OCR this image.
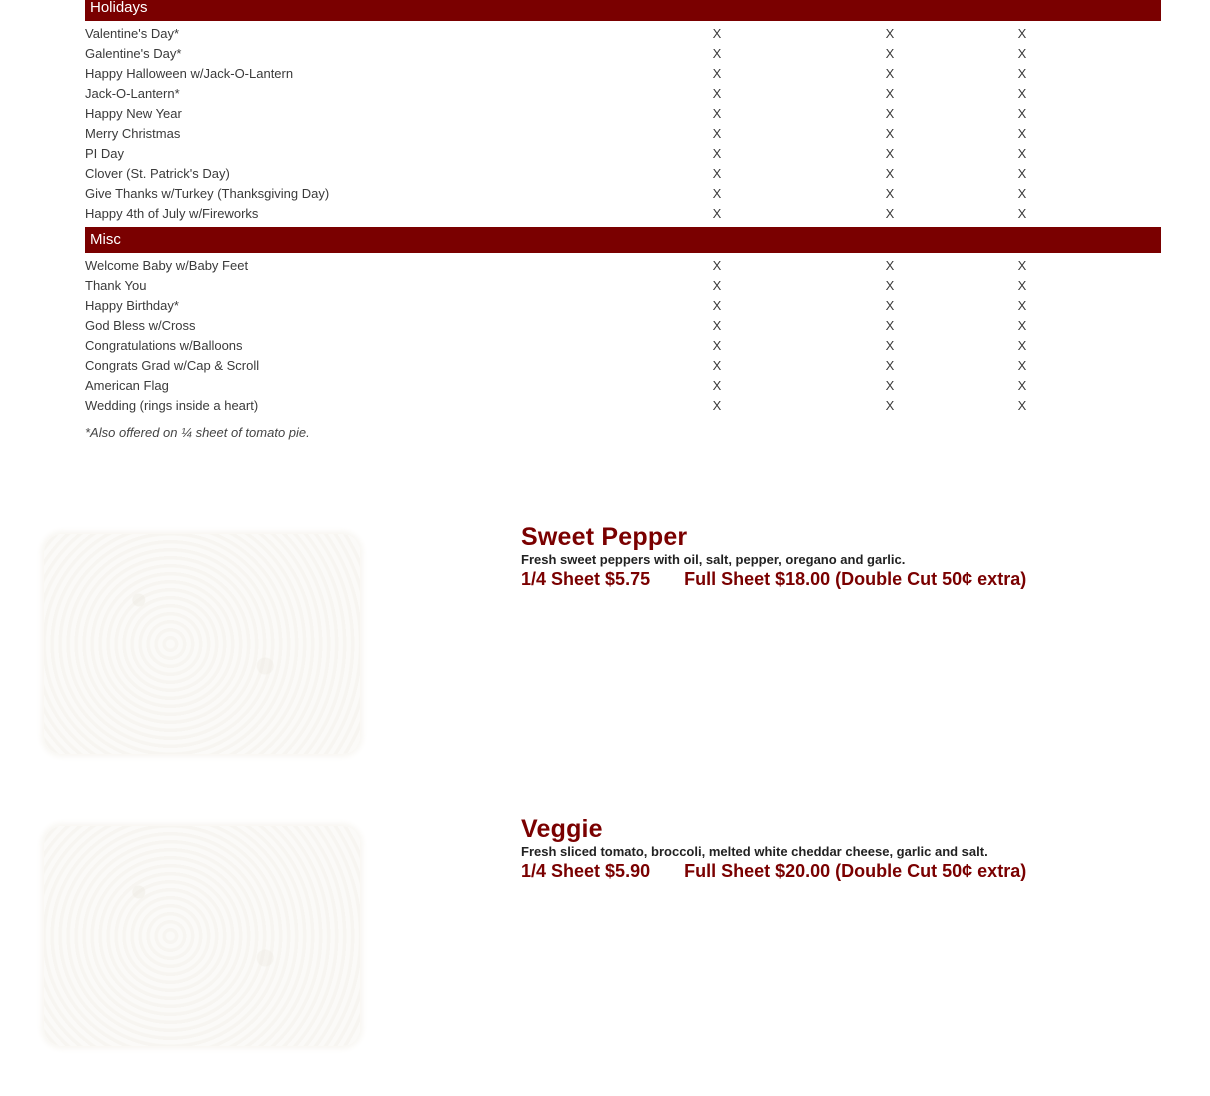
Holidays
Valentine's Day*	X	X	X
Galentine's Day*	X	X	X
Happy Halloween w/Jack-O-Lantern	X	X	X
Jack-O-Lantern*	X	X	X
Happy New Year	X	X	X
Merry Christmas	X	X	X
PI Day	X	X	X
Clover (St. Patrick's Day)	X	X	X
Give Thanks w/Turkey (Thanksgiving Day)	X	X	X
Happy 4th of July w/Fireworks	X	X	X
Misc
Welcome Baby w/Baby Feet	X	X	X
Thank You	X	X	X
Happy Birthday*	X	X	X
God Bless w/Cross	X	X	X
Congratulations w/Balloons	X	X	X
Congrats Grad w/Cap & Scroll	X	X	X
American Flag	X	X	X
Wedding (rings inside a heart)	X	X	X
*Also offered on ¼ sheet of tomato pie.
Sweet Pepper
Fresh sweet peppers with oil, salt, pepper, oregano and garlic.
1/4 Sheet $5.75 Full Sheet $18.00 (Double Cut 50¢ extra)
Veggie
Fresh sliced tomato, broccoli, melted white cheddar cheese, garlic and salt.
1/4 Sheet $5.90 Full Sheet $20.00 (Double Cut 50¢ extra)
